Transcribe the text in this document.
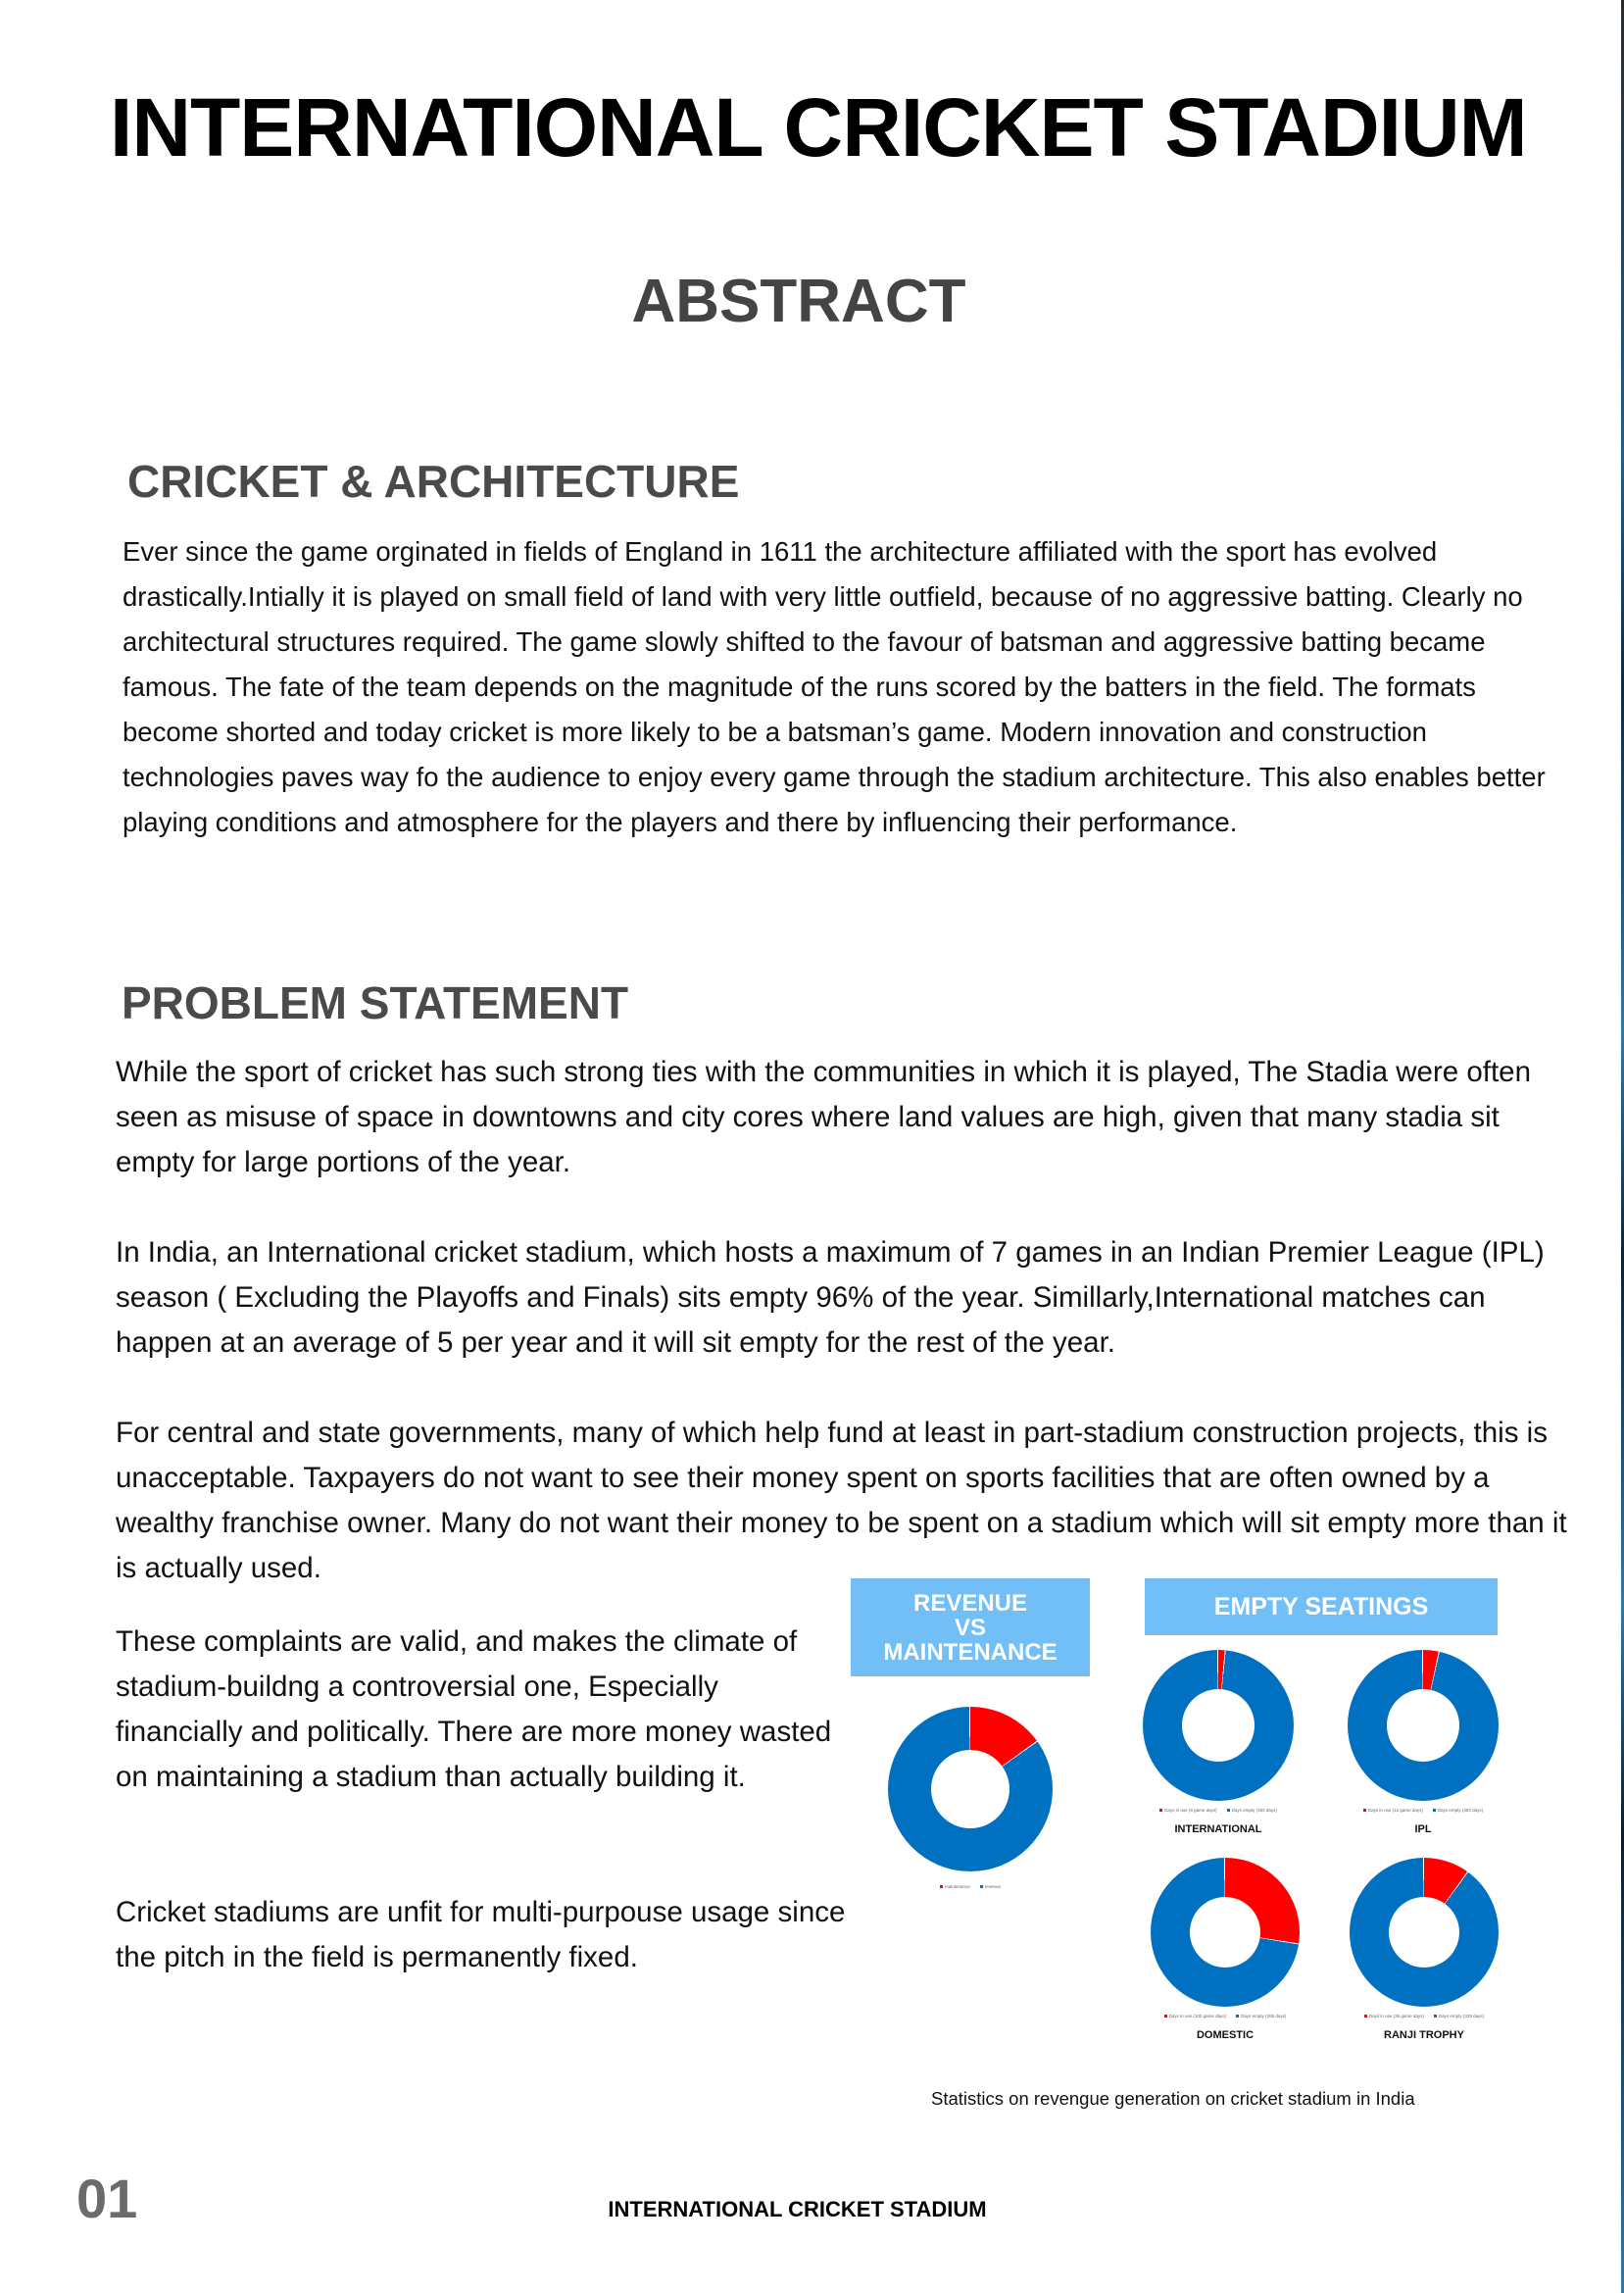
INTERNATIONAL CRICKET STADIUM
ABSTRACT
CRICKET & ARCHITECTURE

Ever since the game orginated in fields of England in 1611 the architecture affiliated with the sport has evolved drastically.Intially it is played on small field of land with very little outfield, because of no aggressive batting. Clearly no architectural structures required. The game slowly shifted to the favour of batsman and aggressive batting became famous. The fate of the team depends on the magnitude of the runs scored by the batters in the field. The formats become shorted and today cricket is more likely to be a batsman’s game. Modern innovation and construction technologies paves way fo the audience to enjoy every game through the stadium architecture. This also enables better playing conditions and atmosphere for the players and there by influencing their performance.

PROBLEM STATEMENT

While the sport of cricket has such strong ties with the communities in which it is played, The Stadia were often seen as misuse of space in downtowns and city cores where land values are high, given that many stadia sit empty for large portions of the year.

In India, an International cricket stadium, which hosts a maximum of 7 games in an Indian Premier League (IPL) season ( Excluding the Playoffs and Finals) sits empty 96% of the year. Simillarly,International matches can happen at an average of 5 per year and it will sit empty for the rest of the year.

For central and state governments, many of which help fund at least in part-stadium construction projects, this is unacceptable. Taxpayers do not want to see their money spent on sports facilities that are often owned by a wealthy franchise owner. Many do not want their money to be spent on a stadium which will sit empty more than it is actually used.

These complaints are valid, and makes the climate of stadium-buildng a controversial one, Especially financially and politically. There are more money wasted on maintaining a stadium than actually building it.

Cricket stadiums are unfit for multi-purpouse usage since the pitch in the field is permanently fixed.

REVENUE
VS
MAINTENANCE
maintenance	revenue
EMPTY SEATINGS
Days in use (5 game days)	Days empty (360 days)
INTERNATIONAL
Days in use (12 game days)	Days empty (353 days)
IPL
Days in use (100 game days)	Days empty (265 days)
DOMESTIC
Days in use (36 game days)	Days empty (329 days)
RANJI TROPHY
Statistics on revengue generation on cricket stadium in India
01	INTERNATIONAL CRICKET STADIUM
